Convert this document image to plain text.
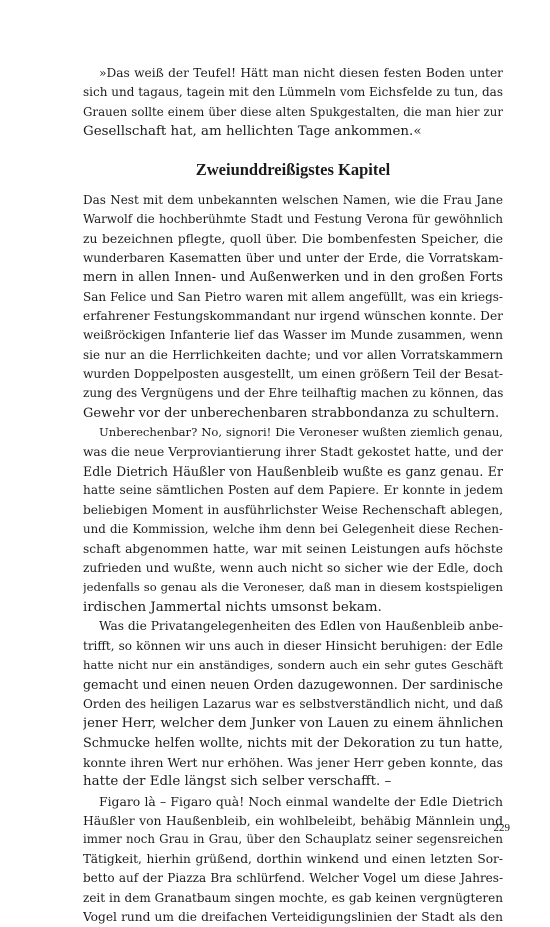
»Das weiß der Teufel! Hätt man nicht diesen festen Boden unter
sich und tagaus, tagein mit den Lümmeln vom Eichsfelde zu tun, das
Grauen sollte einem über diese alten Spukgestalten, die man hier zur
Gesellschaft hat, am hellichten Tage ankommen.«
Zweiunddreißigstes Kapitel
Das Nest mit dem unbekannten welschen Namen, wie die Frau Jane
Warwolf die hochberühmte Stadt und Festung Verona für gewöhnlich
zu bezeichnen pflegte, quoll über. Die bombenfesten Speicher, die
wunderbaren Kasematten über und unter der Erde, die Vorratskam-
mern in allen Innen- und Außenwerken und in den großen Forts
San Felice und San Pietro waren mit allem angefüllt, was ein kriegs-
erfahrener Festungskommandant nur irgend wünschen konnte. Der
weißröckigen Infanterie lief das Wasser im Munde zusammen, wenn
sie nur an die Herrlichkeiten dachte; und vor allen Vorratskammern
wurden Doppelposten ausgestellt, um einen größern Teil der Besat-
zung des Vergnügens und der Ehre teilhaftig machen zu können, das
Gewehr vor der unberechenbaren strabbondanza zu schultern.
Unberechenbar? No, signori! Die Veroneser wußten ziemlich genau,
was die neue Verproviantierung ihrer Stadt gekostet hatte, und der
Edle Dietrich Häußler von Haußenbleib wußte es ganz genau. Er
hatte seine sämtlichen Posten auf dem Papiere. Er konnte in jedem
beliebigen Moment in ausführlichster Weise Rechenschaft ablegen,
und die Kommission, welche ihm denn bei Gelegenheit diese Rechen-
schaft abgenommen hatte, war mit seinen Leistungen aufs höchste
zufrieden und wußte, wenn auch nicht so sicher wie der Edle, doch
jedenfalls so genau als die Veroneser, daß man in diesem kostspieligen
irdischen Jammertal nichts umsonst bekam.
Was die Privatangelegenheiten des Edlen von Haußenbleib anbe-
trifft, so können wir uns auch in dieser Hinsicht beruhigen: der Edle
hatte nicht nur ein anständiges, sondern auch ein sehr gutes Geschäft
gemacht und einen neuen Orden dazugewonnen. Der sardinische
Orden des heiligen Lazarus war es selbstverständlich nicht, und daß
jener Herr, welcher dem Junker von Lauen zu einem ähnlichen
Schmucke helfen wollte, nichts mit der Dekoration zu tun hatte,
konnte ihren Wert nur erhöhen. Was jener Herr geben konnte, das
hatte der Edle längst sich selber verschafft. –
Figaro là – Figaro quà! Noch einmal wandelte der Edle Dietrich
Häußler von Haußenbleib, ein wohlbeleibt, behäbig Männlein und
immer noch Grau in Grau, über den Schauplatz seiner segensreichen
Tätigkeit, hierhin grüßend, dorthin winkend und einen letzten Sor-
betto auf der Piazza Bra schlürfend. Welcher Vogel um diese Jahres-
zeit in dem Granatbaum singen mochte, es gab keinen vergnügteren
Vogel rund um die dreifachen Verteidigungslinien der Stadt als den
229
